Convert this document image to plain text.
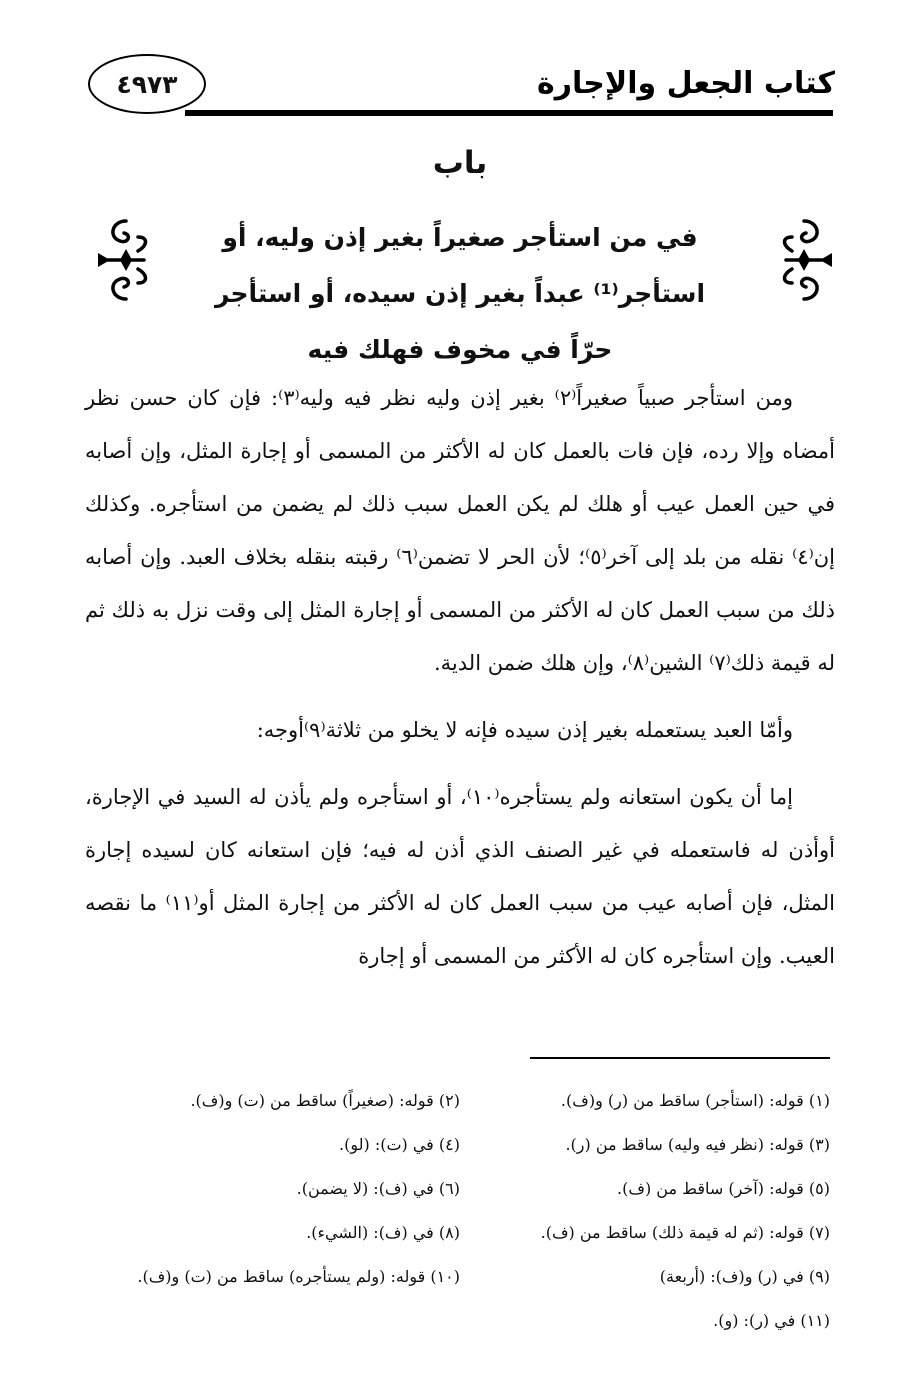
كتاب الجعل والإجارة
٤٩٧٣
باب
في من استأجر صغيراً بغير إذن وليه، أو
استأجر⁽¹⁾ عبداً بغير إذن سيده، أو استأجر
حرّاً في مخوف فهلك فيه

ومن استأجر صبياً صغيراً⁽٢⁾ بغير إذن وليه نظر فيه وليه⁽٣⁾: فإن كان حسن نظر أمضاه وإلا رده، فإن فات بالعمل كان له الأكثر من المسمى أو إجارة المثل، وإن أصابه في حين العمل عيب أو هلك لم يكن العمل سبب ذلك لم يضمن من استأجره. وكذلك إن⁽٤⁾ نقله من بلد إلى آخر⁽٥⁾؛ لأن الحر لا تضمن⁽٦⁾ رقبته بنقله بخلاف العبد. وإن أصابه ذلك من سبب العمل كان له الأكثر من المسمى أو إجارة المثل إلى وقت نزل به ذلك ثم له قيمة ذلك⁽٧⁾ الشين⁽٨⁾، وإن هلك ضمن الدية.

وأمّا العبد يستعمله بغير إذن سيده فإنه لا يخلو من ثلاثة⁽٩⁾أوجه:

إما أن يكون استعانه ولم يستأجره⁽١٠⁾، أو استأجره ولم يأذن له السيد في الإجارة، أوأذن له فاستعمله في غير الصنف الذي أذن له فيه؛ فإن استعانه كان لسيده إجارة المثل، فإن أصابه عيب من سبب العمل كان له الأكثر من إجارة المثل أو⁽١١⁾ ما نقصه العيب. وإن استأجره كان له الأكثر من المسمى أو إجارة

(١) قوله: (استأجر) ساقط من (ر) و(ف).
(٢) قوله: (صغيراً) ساقط من (ت) و(ف).
(٣) قوله: (نظر فيه وليه) ساقط من (ر).
(٤) في (ت): (لو).
(٥) قوله: (آخر) ساقط من (ف).
(٦) في (ف): (لا يضمن).
(٧) قوله: (ثم له قيمة ذلك) ساقط من (ف).
(٨) في (ف): (الشيء).
(٩) في (ر) و(ف): (أربعة)
(١٠) قوله: (ولم يستأجره) ساقط من (ت) و(ف).
(١١) في (ر): (و).
